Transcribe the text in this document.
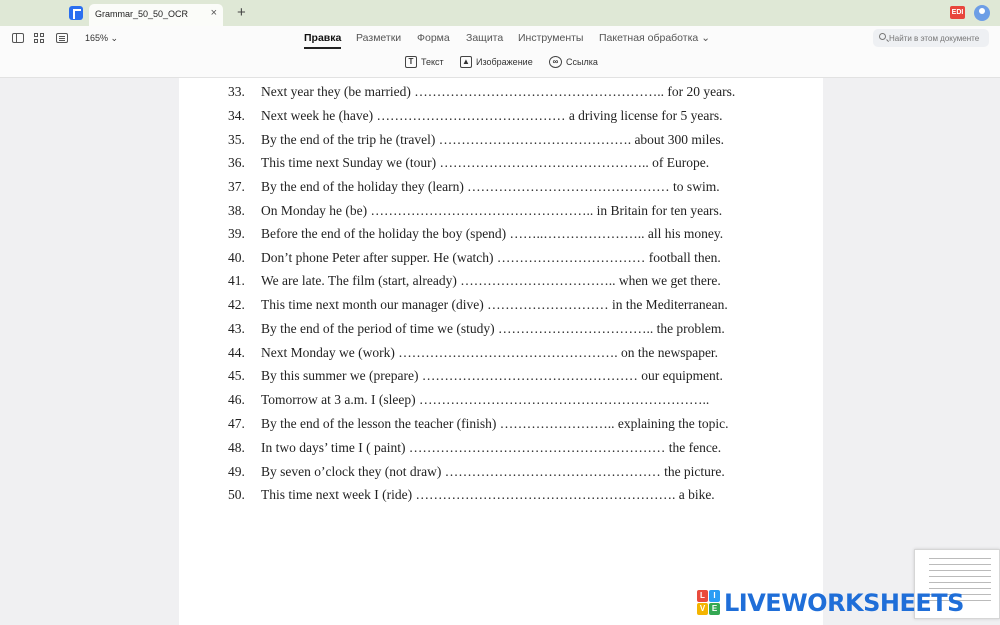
Grammar_50_50_OCR × +	EDI
165% ⌄	Правка Разметки Форма Защита Инструменты Пакетная обработка ⌄
Найти в этом документе
T Текст ▲ Изображение	∞ Ссылка
33. Next year they (be married) ……………………………………………….. for 20 years.
34. Next week he (have) …………………………………… a driving license for 5 years.
35. By the end of the trip he (travel) ……………………………………. about 300 miles.
36. This time next Sunday we (tour) ……………………………………….. of Europe.
37. By the end of the holiday they (learn) ……………………………………… to swim.
38. On Monday he (be) ………………………………………….. in Britain for ten years.
39. Before the end of the holiday the boy (spend) ……..………………….. all his money.
40. Don’t phone Peter after supper. He (watch) …………………………… football then.
41. We are late. The film (start, already) …………………………….. when we get there.
42. This time next month our manager (dive) ……………………… in the Mediterranean.
43. By the end of the period of time we (study) …………………………….. the problem.
44. Next Monday we (work) …………………………………………. on the newspaper.
45. By this summer we (prepare) ………………………………………… our equipment.
46. Tomorrow at 3 a.m. I (sleep) ………………………………………………………..
47. By the end of the lesson the teacher (finish) …………………….. explaining the topic.
48. In two days’ time I ( paint) ………………………………………………… the fence.
49. By seven o’clock they (not draw) ………………………………………… the picture.
50. This time next week I (ride) …………………………………………………. a bike.
L	I
V E LIVEWORKSHEETS
